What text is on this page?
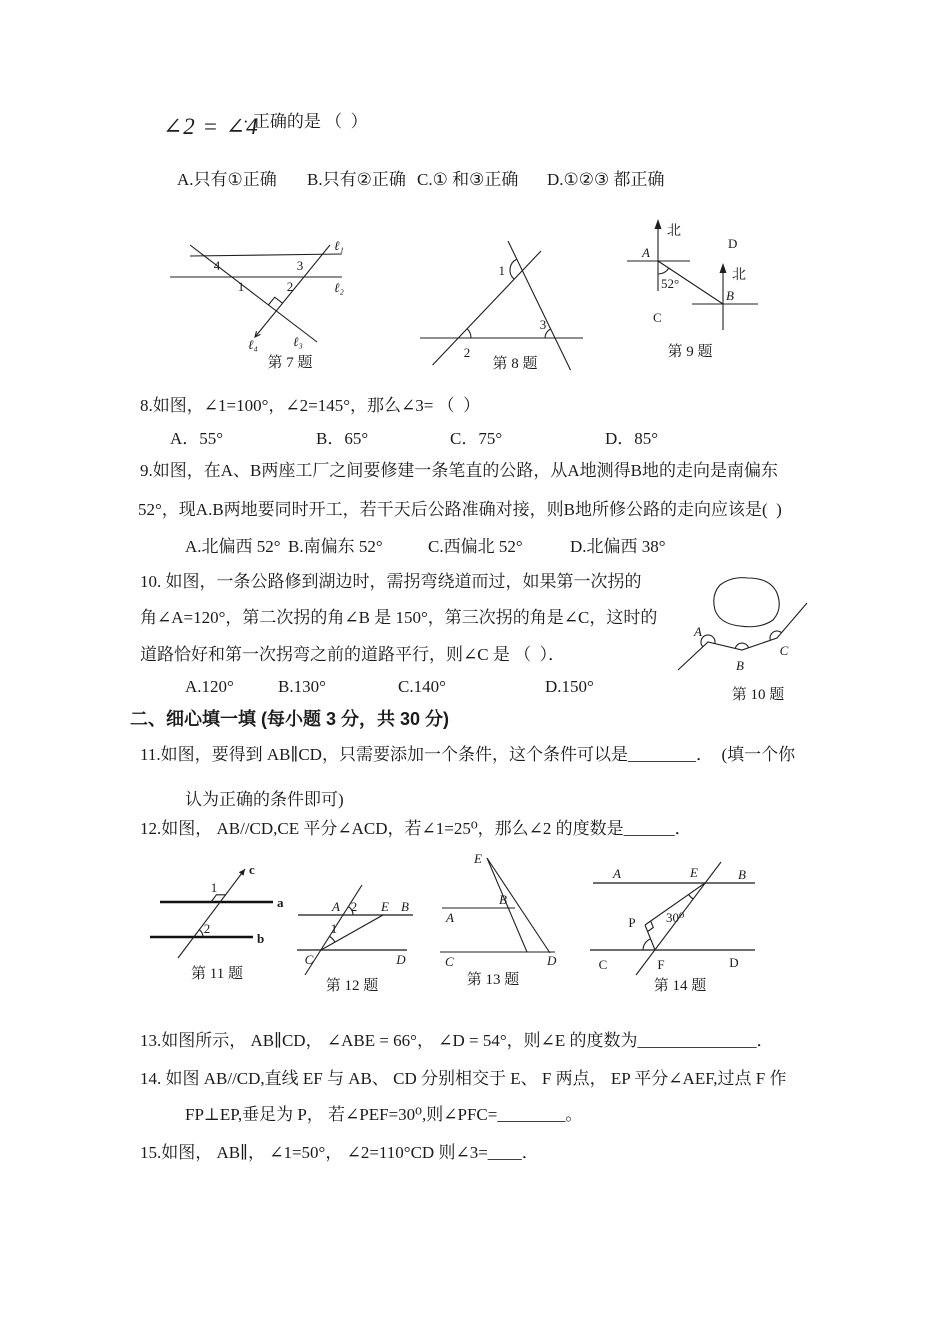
∠2 = ∠4
· 正确的是 （  ）
A.只有①正确 B.只有②正确 C.① 和③正确 D.①②③ 都正确
4	3
1	2
ℓ₁
ℓ₂
ℓ₃
ℓ₄
第 7 题
1
2
3
第 8 题
北
北
A
B
C
D
52°
第 9 题
8.如图，∠1=100°，∠2=145°，那么∠3= （  ）
A．55°	B．65°	C．75°	D．85°
9.如图，在A、B两座工厂之间要修建一条笔直的公路，从A地测得B地的走向是南偏东
52°，现A.B两地要同时开工，若干天后公路准确对接，则B地所修公路的走向应该是(  )
A.北偏西 52° B.南偏东 52°	C.西偏北 52°	D.北偏西 38°
10. 如图，一条公路修到湖边时，需拐弯绕道而过，如果第一次拐的
角∠A=120°，第二次拐的角∠B 是 150°，第三次拐的角是∠C，这时的
道路恰好和第一次拐弯之前的道路平行，则∠C 是 （  ）．
A.120°	B.130°	C.140°	D.150°
A
B
C
第 10 题
二、细心填一填 (每小题 3 分，共 30 分)
11.如图，要得到 AB∥CD，只需要添加一个条件，这个条件可以是________．  (填一个你
认为正确的条件即可)
12.如图， AB//CD,CE 平分∠ACD，若∠1=25⁰，那么∠2 的度数是______．
1
2
a
b
c
第 11 题
A 2 E B
1
C	D
第 12 题
E
A
B
C	D
第 13 题
A	E	B
P 30⁰
C	F	D
第 14 题
13.如图所示， AB∥CD， ∠ABE = 66°， ∠D = 54°，则∠E 的度数为______________．
14. 如图 AB//CD,直线 EF 与 AB、 CD 分别相交于 E、 F 两点， EP 平分∠AEF,过点 F 作
FP⊥EP,垂足为 P， 若∠PEF=30⁰,则∠PFC=________。
15.如图， AB∥， ∠1=50°， ∠2=110°CD 则∠3=____．
